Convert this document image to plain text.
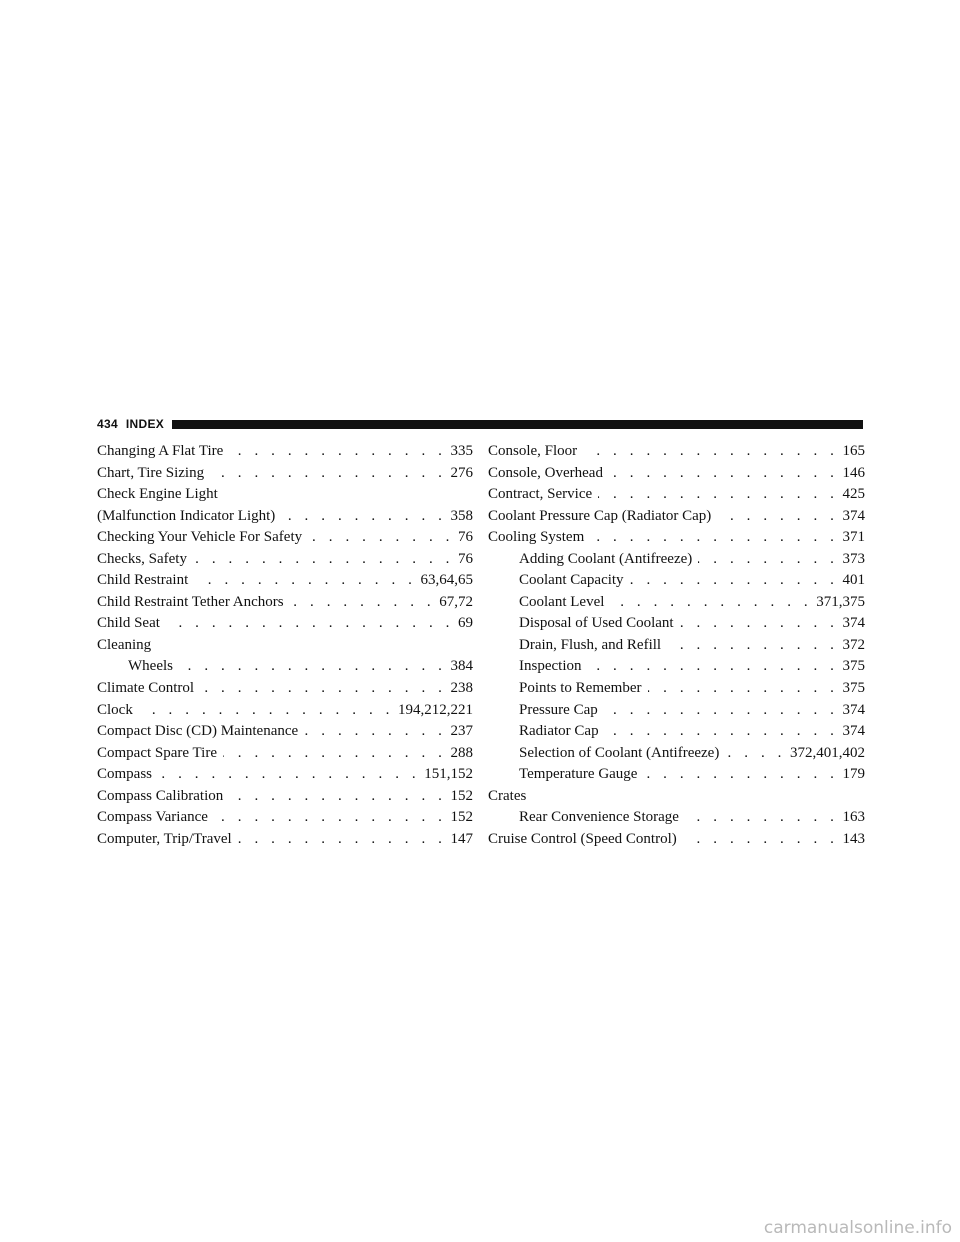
434 INDEX
Changing A Flat Tire . . .	335
Chart, Tire Sizing . . .	276
Check Engine Light
(Malfunction Indicator Light) . . .	358
Checking Your Vehicle For Safety . . .	76
Checks, Safety . . .	76
Child Restraint . . .	63,64,65
Child Restraint Tether Anchors . . .	67,72
Child Seat . . .	69
Cleaning
Wheels . . .	384
Climate Control . . .	238
Clock . . .	194,212,221
Compact Disc (CD) Maintenance . . .	237
Compact Spare Tire . . .	288
Compass . . .	151,152
Compass Calibration . . .	152
Compass Variance . . .	152
Computer, Trip/Travel . . .	147
Console, Floor . . .	165
Console, Overhead . . .	146
Contract, Service . . .	425
Coolant Pressure Cap (Radiator Cap) . . .	374
Cooling System . . .	371
Adding Coolant (Antifreeze) . . .	373
Coolant Capacity . . .	401
Coolant Level . . .	371,375
Disposal of Used Coolant . . .	374
Drain, Flush, and Refill . . .	372
Inspection . . .	375
Points to Remember . . .	375
Pressure Cap . . .	374
Radiator Cap . . .	374
Selection of Coolant (Antifreeze) . . .	372,401,402
Temperature Gauge . . .	179
Crates
Rear Convenience Storage . . .	163
Cruise Control (Speed Control) . . .	143
carmanualsonline.info
